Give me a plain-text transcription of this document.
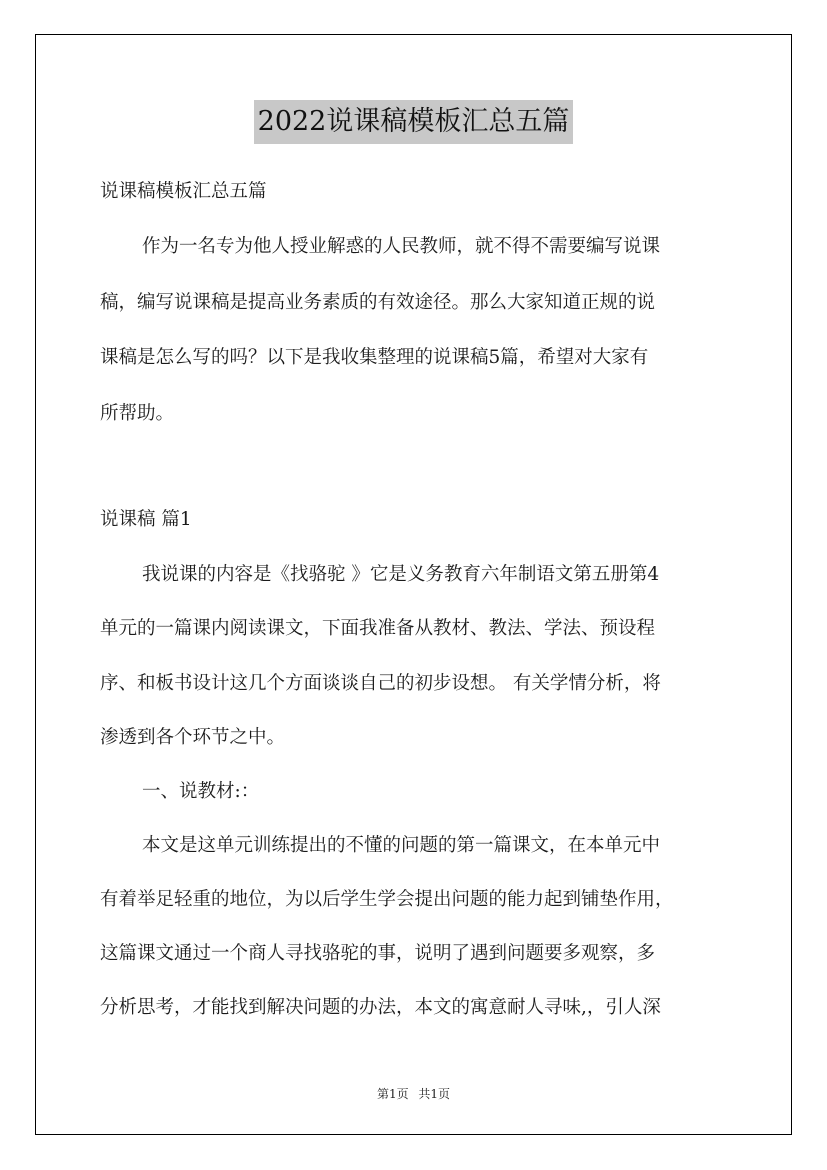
2022说课稿模板汇总五篇
说课稿模板汇总五篇
作为一名专为他人授业解惑的人民教师，就不得不需要编写说课
稿，编写说课稿是提高业务素质的有效途径。那么大家知道正规的说
课稿是怎么写的吗？以下是我收集整理的说课稿5篇，希望对大家有
所帮助。
说课稿 篇1
我说课的内容是《找骆驼 》它是义务教育六年制语文第五册第4
单元的一篇课内阅读课文，下面我准备从教材、教法、学法、预设程
序、和板书设计这几个方面谈谈自己的初步设想。 有关学情分析，将
渗透到各个环节之中。
一、说教材:：
本文是这单元训练提出的不懂的问题的第一篇课文，在本单元中
有着举足轻重的地位，为以后学生学会提出问题的能力起到铺垫作用，
这篇课文通过一个商人寻找骆驼的事，说明了遇到问题要多观察，多
分析思考，才能找到解决问题的办法，本文的寓意耐人寻味,，引人深
第1页 共1页
